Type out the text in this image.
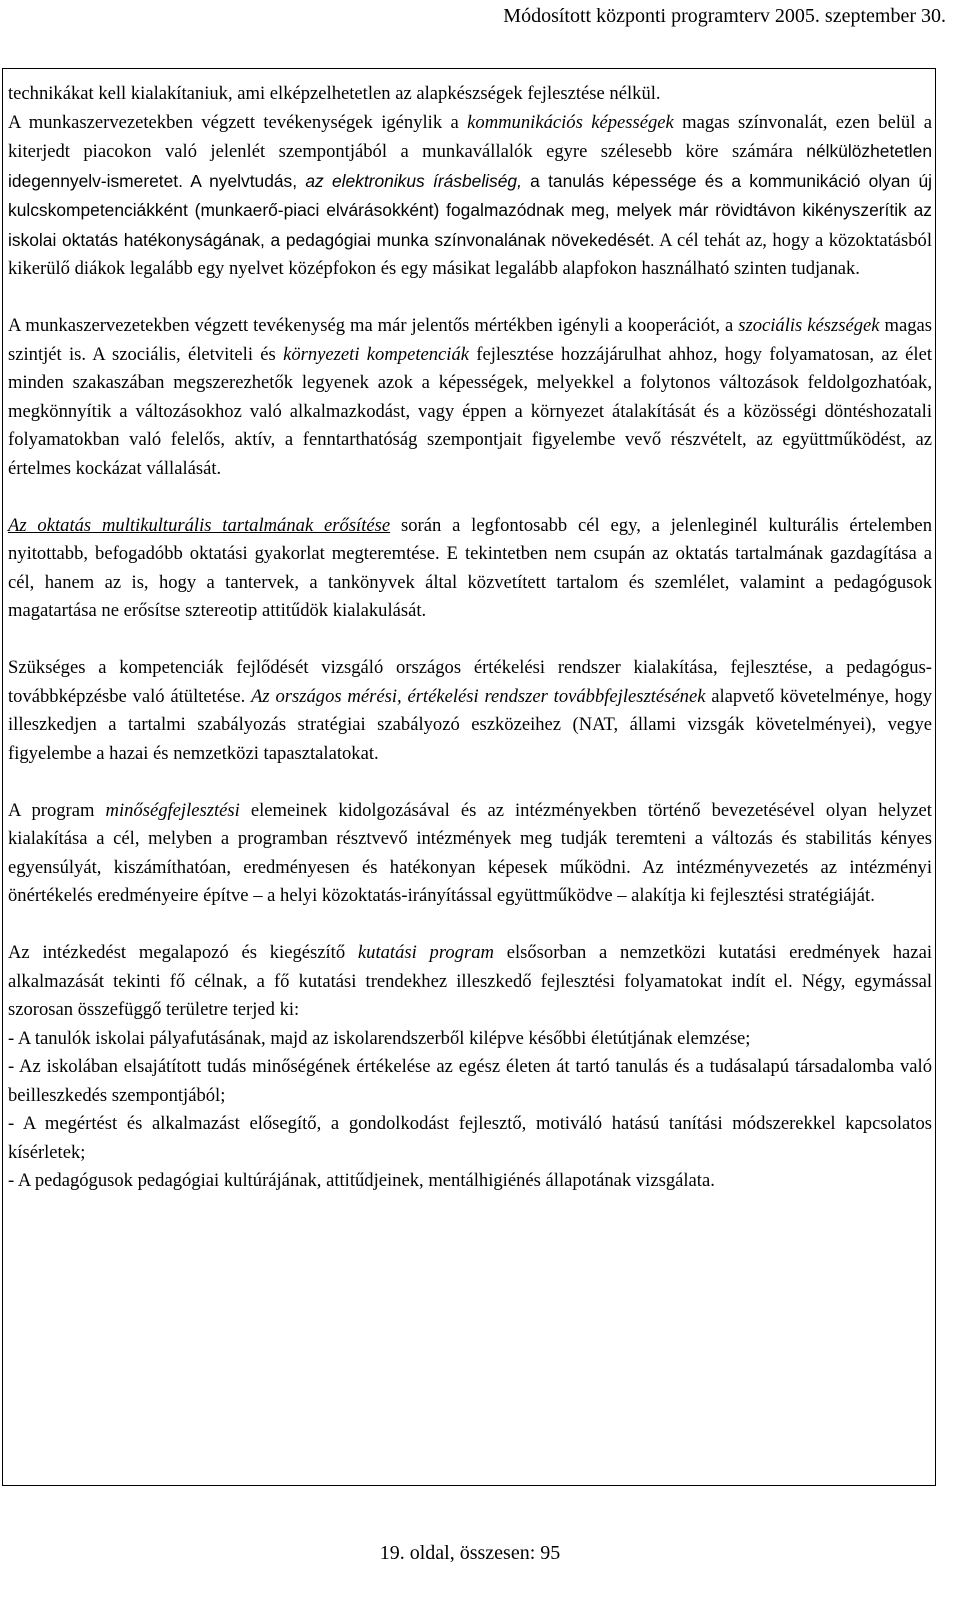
Módosított központi programterv 2005. szeptember 30.

technikákat kell kialakítaniuk, ami elképzelhetetlen az alapkészségek fejlesztése nélkül.

A munkaszervezetekben végzett tevékenységek igénylik a kommunikációs képességek magas színvonalát, ezen belül a kiterjedt piacokon való jelenlét szempontjából a munkavállalók egyre szélesebb köre számára nélkülözhetetlen idegennyelv-ismeretet. A nyelvtudás, az elektronikus írásbeliség, a tanulás képessége és a kommunikáció olyan új kulcskompetenciákként (munkaerő-piaci elvárásokként) fogalmazódnak meg, melyek már rövidtávon kikényszerítik az iskolai oktatás hatékonyságának, a pedagógiai munka színvonalának növekedését. A cél tehát az, hogy a közoktatásból kikerülő diákok legalább egy nyelvet középfokon és egy másikat legalább alapfokon használható szinten tudjanak.

A munkaszervezetekben végzett tevékenység ma már jelentős mértékben igényli a kooperációt, a szociális készségek magas szintjét is. A szociális, életviteli és környezeti kompetenciák fejlesztése hozzájárulhat ahhoz, hogy folyamatosan, az élet minden szakaszában megszerezhetők legyenek azok a képességek, melyekkel a folytonos változások feldolgozhatóak, megkönnyítik a változásokhoz való alkalmazkodást, vagy éppen a környezet átalakítását és a közösségi döntéshozatali folyamatokban való felelős, aktív, a fenntarthatóság szempontjait figyelembe vevő részvételt, az együttműködést, az értelmes kockázat vállalását.

Az oktatás multikulturális tartalmának erősítése során a legfontosabb cél egy, a jelenleginél kulturális értelemben nyitottabb, befogadóbb oktatási gyakorlat megteremtése. E tekintetben nem csupán az oktatás tartalmának gazdagítása a cél, hanem az is, hogy a tantervek, a tankönyvek által közvetített tartalom és szemlélet, valamint a pedagógusok magatartása ne erősítse sztereotip attitűdök kialakulását.

Szükséges a kompetenciák fejlődését vizsgáló országos értékelési rendszer kialakítása, fejlesztése, a pedagógus-továbbképzésbe való átültetése. Az országos mérési, értékelési rendszer továbbfejlesztésének alapvető követelménye, hogy illeszkedjen a tartalmi szabályozás stratégiai szabályozó eszközeihez (NAT, állami vizsgák követelményei), vegye figyelembe a hazai és nemzetközi tapasztalatokat.

A program minőségfejlesztési elemeinek kidolgozásával és az intézményekben történő bevezetésével olyan helyzet kialakítása a cél, melyben a programban résztvevő intézmények meg tudják teremteni a változás és stabilitás kényes egyensúlyát, kiszámíthatóan, eredményesen és hatékonyan képesek működni. Az intézményvezetés az intézményi önértékelés eredményeire építve – a helyi közoktatás-irányítással együttműködve – alakítja ki fejlesztési stratégiáját.

Az intézkedést megalapozó és kiegészítő kutatási program elsősorban a nemzetközi kutatási eredmények hazai alkalmazását tekinti fő célnak, a fő kutatási trendekhez illeszkedő fejlesztési folyamatokat indít el. Négy, egymással szorosan összefüggő területre terjed ki:

- A tanulók iskolai pályafutásának, majd az iskolarendszerből kilépve későbbi életútjának elemzése;

- Az iskolában elsajátított tudás minőségének értékelése az egész életen át tartó tanulás és a tudásalapú társadalomba való beilleszkedés szempontjából;

- A megértést és alkalmazást elősegítő, a gondolkodást fejlesztő, motiváló hatású tanítási módszerekkel kapcsolatos kísérletek;

- A pedagógusok pedagógiai kultúrájának, attitűdjeinek, mentálhigiénés állapotának vizsgálata.

19. oldal, összesen: 95
